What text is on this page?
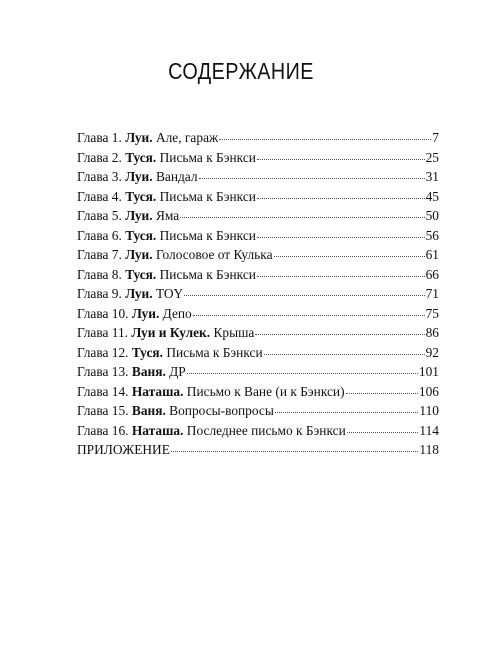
СОДЕРЖАНИЕ
Глава 1. Луи. Але, гараж	7
Глава 2. Туся. Письма к Бэнкси	25
Глава 3. Луи. Вандал	31
Глава 4. Туся. Письма к Бэнкси	45
Глава 5. Луи. Яма	50
Глава 6. Туся. Письма к Бэнкси	56
Глава 7. Луи. Голосовое от Кулька	61
Глава 8. Туся. Письма к Бэнкси	66
Глава 9. Луи. TOY	71
Глава 10. Луи. Депо	75
Глава 11. Луи и Кулек. Крыша	86
Глава 12. Туся. Письма к Бэнкси	92
Глава 13. Ваня. ДР	101
Глава 14. Наташа. Письмо к Ване (и к Бэнкси)	106
Глава 15. Ваня. Вопросы-вопросы	110
Глава 16. Наташа. Последнее письмо к Бэнкси	114
ПРИЛОЖЕНИЕ	118
